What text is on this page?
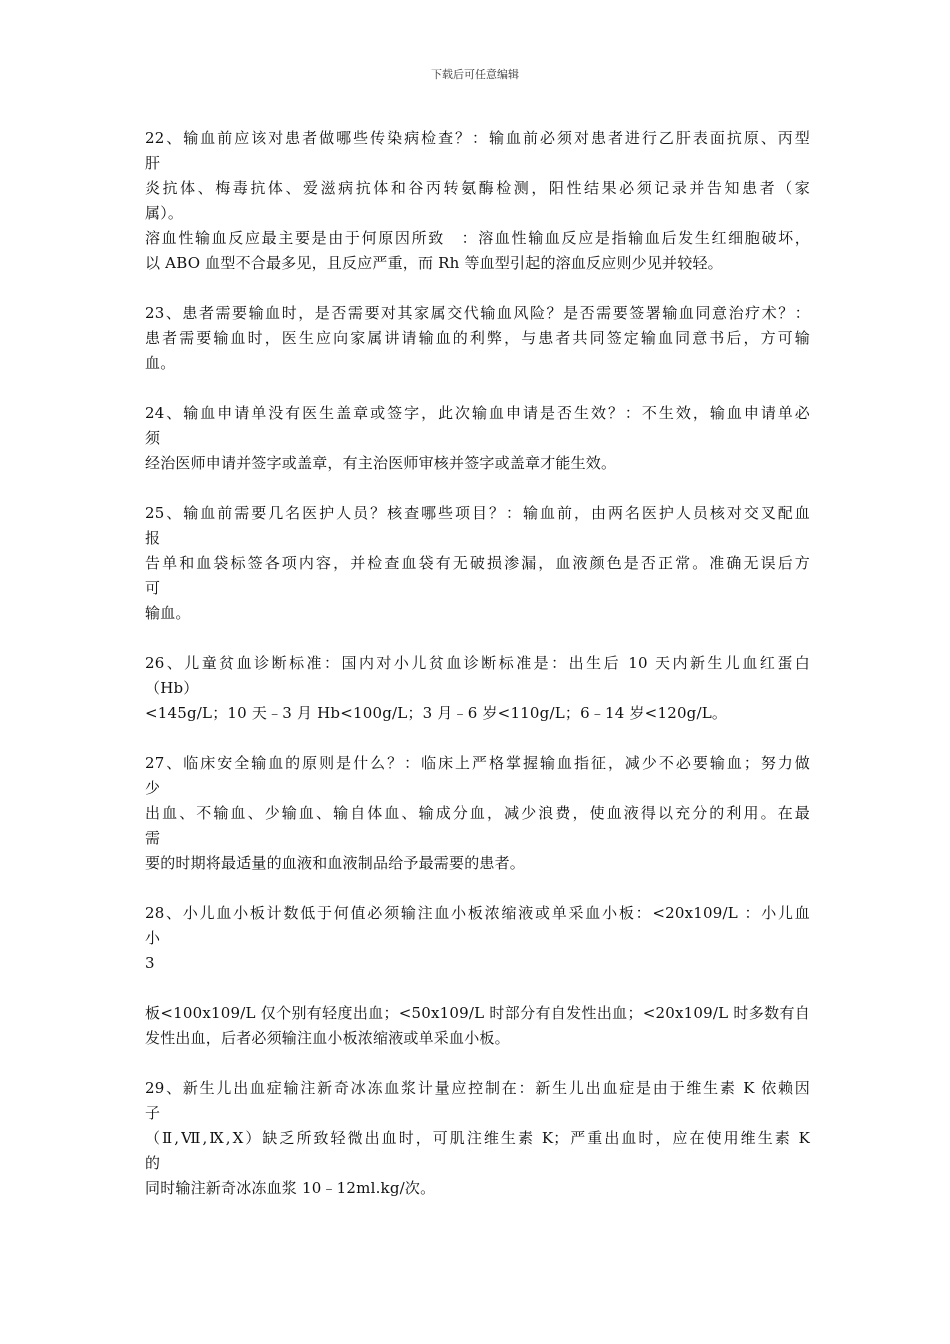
下载后可任意编辑
22、输血前应该对患者做哪些传染病检查？：输血前必须对患者进行乙肝表面抗原、丙型
肝
炎抗体、梅毒抗体、爱滋病抗体和谷丙转氨酶检测，阳性结果必须记录并告知患者（家
属）。
溶血性输血反应最主要是由于何原因所致　：溶血性输血反应是指输血后发生红细胞破坏，
以 ABO 血型不合最多见，且反应严重，而 Rh 等血型引起的溶血反应则少见并较轻。
23、患者需要输血时，是否需要对其家属交代输血风险？是否需要签署输血同意治疗术？：
患者需要输血时，医生应向家属讲请输血的利弊，与患者共同签定输血同意书后，方可输
血。
24、输血申请单没有医生盖章或签字，此次输血申请是否生效？：不生效，输血申请单必
须
经治医师申请并签字或盖章，有主治医师审核并签字或盖章才能生效。
25、输血前需要几名医护人员？核查哪些项目？：输血前，由两名医护人员核对交叉配血
报
告单和血袋标签各项内容，并检查血袋有无破损渗漏，血液颜色是否正常。准确无误后方
可
输血。
26、儿童贫血诊断标准：国内对小儿贫血诊断标准是：出生后 10 天内新生儿血红蛋白
（Hb）
<145g/L；10 天﹣3 月 Hb<100g/L；3 月﹣6 岁<110g/L；6﹣14 岁<120g/L。
27、临床安全输血的原则是什么？：临床上严格掌握输血指征，减少不必要输血；努力做
少
出血、不输血、少输血、输自体血、输成分血，减少浪费，使血液得以充分的利用。在最
需
要的时期将最适量的血液和血液制品给予最需要的患者。
28、小儿血小板计数低于何值必须输注血小板浓缩液或单采血小板：<20x109/L ：小儿血
小
3
板<100x109/L 仅个别有轻度出血；<50x109/L 时部分有自发性出血；<20x109/L 时多数有自
发性出血，后者必须输注血小板浓缩液或单采血小板。
29、新生儿出血症输注新奇冰冻血浆计量应控制在：新生儿出血症是由于维生素 K 依赖因
子
（Ⅱ,Ⅶ,Ⅸ,Ⅹ）缺乏所致轻微出血时，可肌注维生素 K；严重出血时，应在使用维生素 K
的
同时输注新奇冰冻血浆 10﹣12ml.kg/次。
